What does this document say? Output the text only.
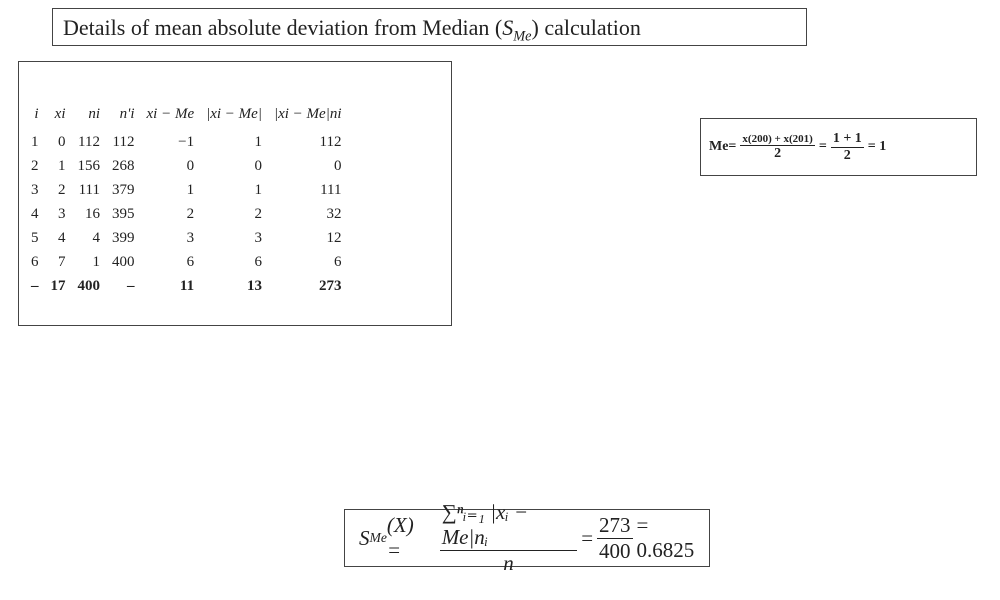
Details of mean absolute deviation from Median $(S_{Me})$ calculation
i	xi	ni	n'i	xi − Me	|xi − Me|	|xi − Me|ni
1	0	112	112	−1	1	112
2	1	156	268	0	0	0
3	2	111	379	1	1	111
4	3	16	395	2	2	32
5	4	4	399	3	3	12
6	7	1	400	6	6	6
–	17	400	–	11	13	273
$Me= \frac{x(200) + x(201)}{2} = \frac{1 + 1}{2} = 1$
S Me
(X) =	$\frac{\text{∑ⁿᵢ₌₁ |xᵢ − Me|nᵢ}}{n} = \frac{273}{400} = 0.6825$
